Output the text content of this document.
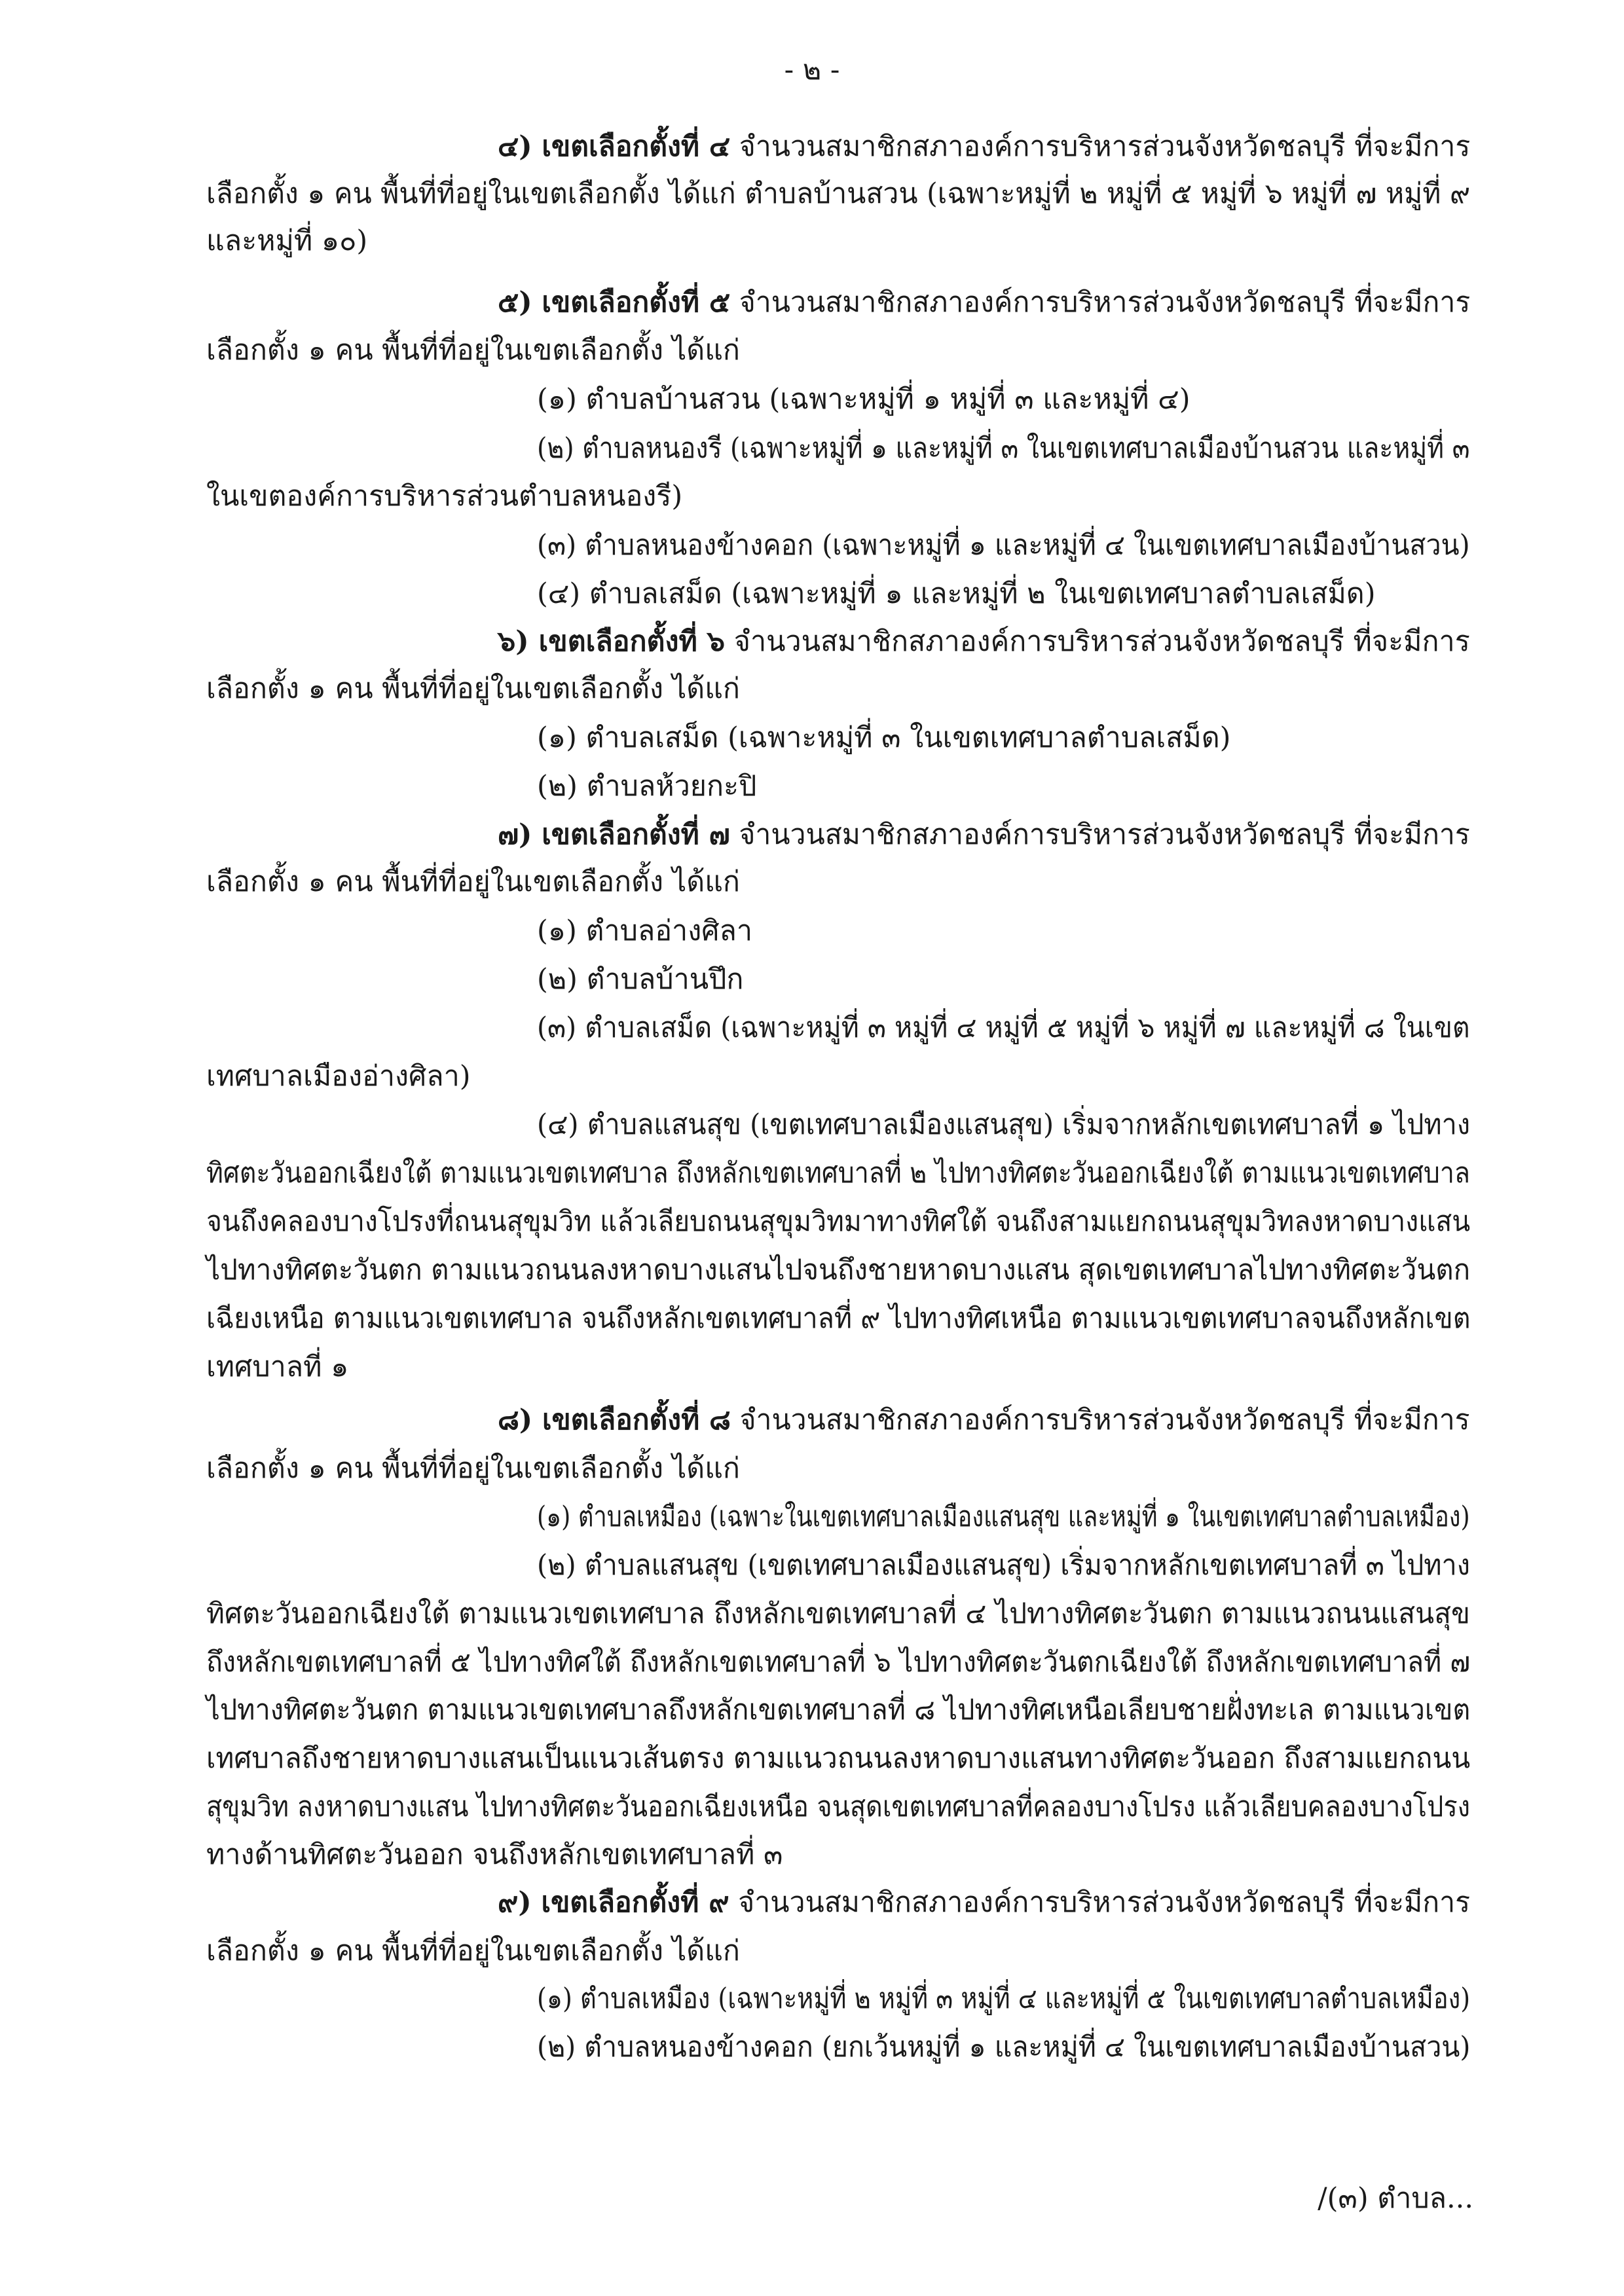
- ๒ -
๔) เขตเลือกตั้งที่ ๔ จำนวนสมาชิกสภาองค์การบริหารส่วนจังหวัดชลบุรี ที่จะมีการ
เลือกตั้ง ๑ คน พื้นที่ที่อยู่ในเขตเลือกตั้ง ได้แก่ ตำบลบ้านสวน (เฉพาะหมู่ที่ ๒ หมู่ที่ ๕ หมู่ที่ ๖ หมู่ที่ ๗ หมู่ที่ ๙
และหมู่ที่ ๑๐)
๕) เขตเลือกตั้งที่ ๕ จำนวนสมาชิกสภาองค์การบริหารส่วนจังหวัดชลบุรี ที่จะมีการ
เลือกตั้ง ๑ คน พื้นที่ที่อยู่ในเขตเลือกตั้ง ได้แก่
(๑) ตำบลบ้านสวน (เฉพาะหมู่ที่ ๑ หมู่ที่ ๓ และหมู่ที่ ๔)
(๒) ตำบลหนองรี (เฉพาะหมู่ที่ ๑ และหมู่ที่ ๓ ในเขตเทศบาลเมืองบ้านสวน และหมู่ที่ ๓
ในเขตองค์การบริหารส่วนตำบลหนองรี)
(๓) ตำบลหนองข้างคอก (เฉพาะหมู่ที่ ๑ และหมู่ที่ ๔ ในเขตเทศบาลเมืองบ้านสวน)
(๔) ตำบลเสม็ด (เฉพาะหมู่ที่ ๑ และหมู่ที่ ๒ ในเขตเทศบาลตำบลเสม็ด)
๖) เขตเลือกตั้งที่ ๖ จำนวนสมาชิกสภาองค์การบริหารส่วนจังหวัดชลบุรี ที่จะมีการ
เลือกตั้ง ๑ คน พื้นที่ที่อยู่ในเขตเลือกตั้ง ได้แก่
(๑) ตำบลเสม็ด (เฉพาะหมู่ที่ ๓ ในเขตเทศบาลตำบลเสม็ด)
(๒) ตำบลห้วยกะปิ
๗) เขตเลือกตั้งที่ ๗ จำนวนสมาชิกสภาองค์การบริหารส่วนจังหวัดชลบุรี ที่จะมีการ
เลือกตั้ง ๑ คน พื้นที่ที่อยู่ในเขตเลือกตั้ง ได้แก่
(๑) ตำบลอ่างศิลา
(๒) ตำบลบ้านปึก
(๓) ตำบลเสม็ด (เฉพาะหมู่ที่ ๓ หมู่ที่ ๔ หมู่ที่ ๕ หมู่ที่ ๖ หมู่ที่ ๗ และหมู่ที่ ๘ ในเขต
เทศบาลเมืองอ่างศิลา)
(๔) ตำบลแสนสุข (เขตเทศบาลเมืองแสนสุข) เริ่มจากหลักเขตเทศบาลที่ ๑ ไปทาง
ทิศตะวันออกเฉียงใต้ ตามแนวเขตเทศบาล ถึงหลักเขตเทศบาลที่ ๒ ไปทางทิศตะวันออกเฉียงใต้ ตามแนวเขตเทศบาล
จนถึงคลองบางโปรงที่ถนนสุขุมวิท แล้วเลียบถนนสุขุมวิทมาทางทิศใต้ จนถึงสามแยกถนนสุขุมวิทลงหาดบางแสน
ไปทางทิศตะวันตก ตามแนวถนนลงหาดบางแสนไปจนถึงชายหาดบางแสน สุดเขตเทศบาลไปทางทิศตะวันตก
เฉียงเหนือ ตามแนวเขตเทศบาล จนถึงหลักเขตเทศบาลที่ ๙ ไปทางทิศเหนือ ตามแนวเขตเทศบาลจนถึงหลักเขต
เทศบาลที่ ๑
๘) เขตเลือกตั้งที่ ๘ จำนวนสมาชิกสภาองค์การบริหารส่วนจังหวัดชลบุรี ที่จะมีการ
เลือกตั้ง ๑ คน พื้นที่ที่อยู่ในเขตเลือกตั้ง ได้แก่
(๑) ตำบลเหมือง (เฉพาะในเขตเทศบาลเมืองแสนสุข และหมู่ที่ ๑ ในเขตเทศบาลตำบลเหมือง)
(๒) ตำบลแสนสุข (เขตเทศบาลเมืองแสนสุข) เริ่มจากหลักเขตเทศบาลที่ ๓ ไปทาง
ทิศตะวันออกเฉียงใต้ ตามแนวเขตเทศบาล ถึงหลักเขตเทศบาลที่ ๔ ไปทางทิศตะวันตก ตามแนวถนนแสนสุข
ถึงหลักเขตเทศบาลที่ ๕ ไปทางทิศใต้ ถึงหลักเขตเทศบาลที่ ๖ ไปทางทิศตะวันตกเฉียงใต้ ถึงหลักเขตเทศบาลที่ ๗
ไปทางทิศตะวันตก ตามแนวเขตเทศบาลถึงหลักเขตเทศบาลที่ ๘ ไปทางทิศเหนือเลียบชายฝั่งทะเล ตามแนวเขต
เทศบาลถึงชายหาดบางแสนเป็นแนวเส้นตรง ตามแนวถนนลงหาดบางแสนทางทิศตะวันออก ถึงสามแยกถนน
สุขุมวิท ลงหาดบางแสน ไปทางทิศตะวันออกเฉียงเหนือ จนสุดเขตเทศบาลที่คลองบางโปรง แล้วเลียบคลองบางโปรง
ทางด้านทิศตะวันออก จนถึงหลักเขตเทศบาลที่ ๓
๙) เขตเลือกตั้งที่ ๙ จำนวนสมาชิกสภาองค์การบริหารส่วนจังหวัดชลบุรี ที่จะมีการ
เลือกตั้ง ๑ คน พื้นที่ที่อยู่ในเขตเลือกตั้ง ได้แก่
(๑) ตำบลเหมือง (เฉพาะหมู่ที่ ๒ หมู่ที่ ๓ หมู่ที่ ๔ และหมู่ที่ ๕ ในเขตเทศบาลตำบลเหมือง)
(๒) ตำบลหนองข้างคอก (ยกเว้นหมู่ที่ ๑ และหมู่ที่ ๔ ในเขตเทศบาลเมืองบ้านสวน)
/(๓) ตำบล...
